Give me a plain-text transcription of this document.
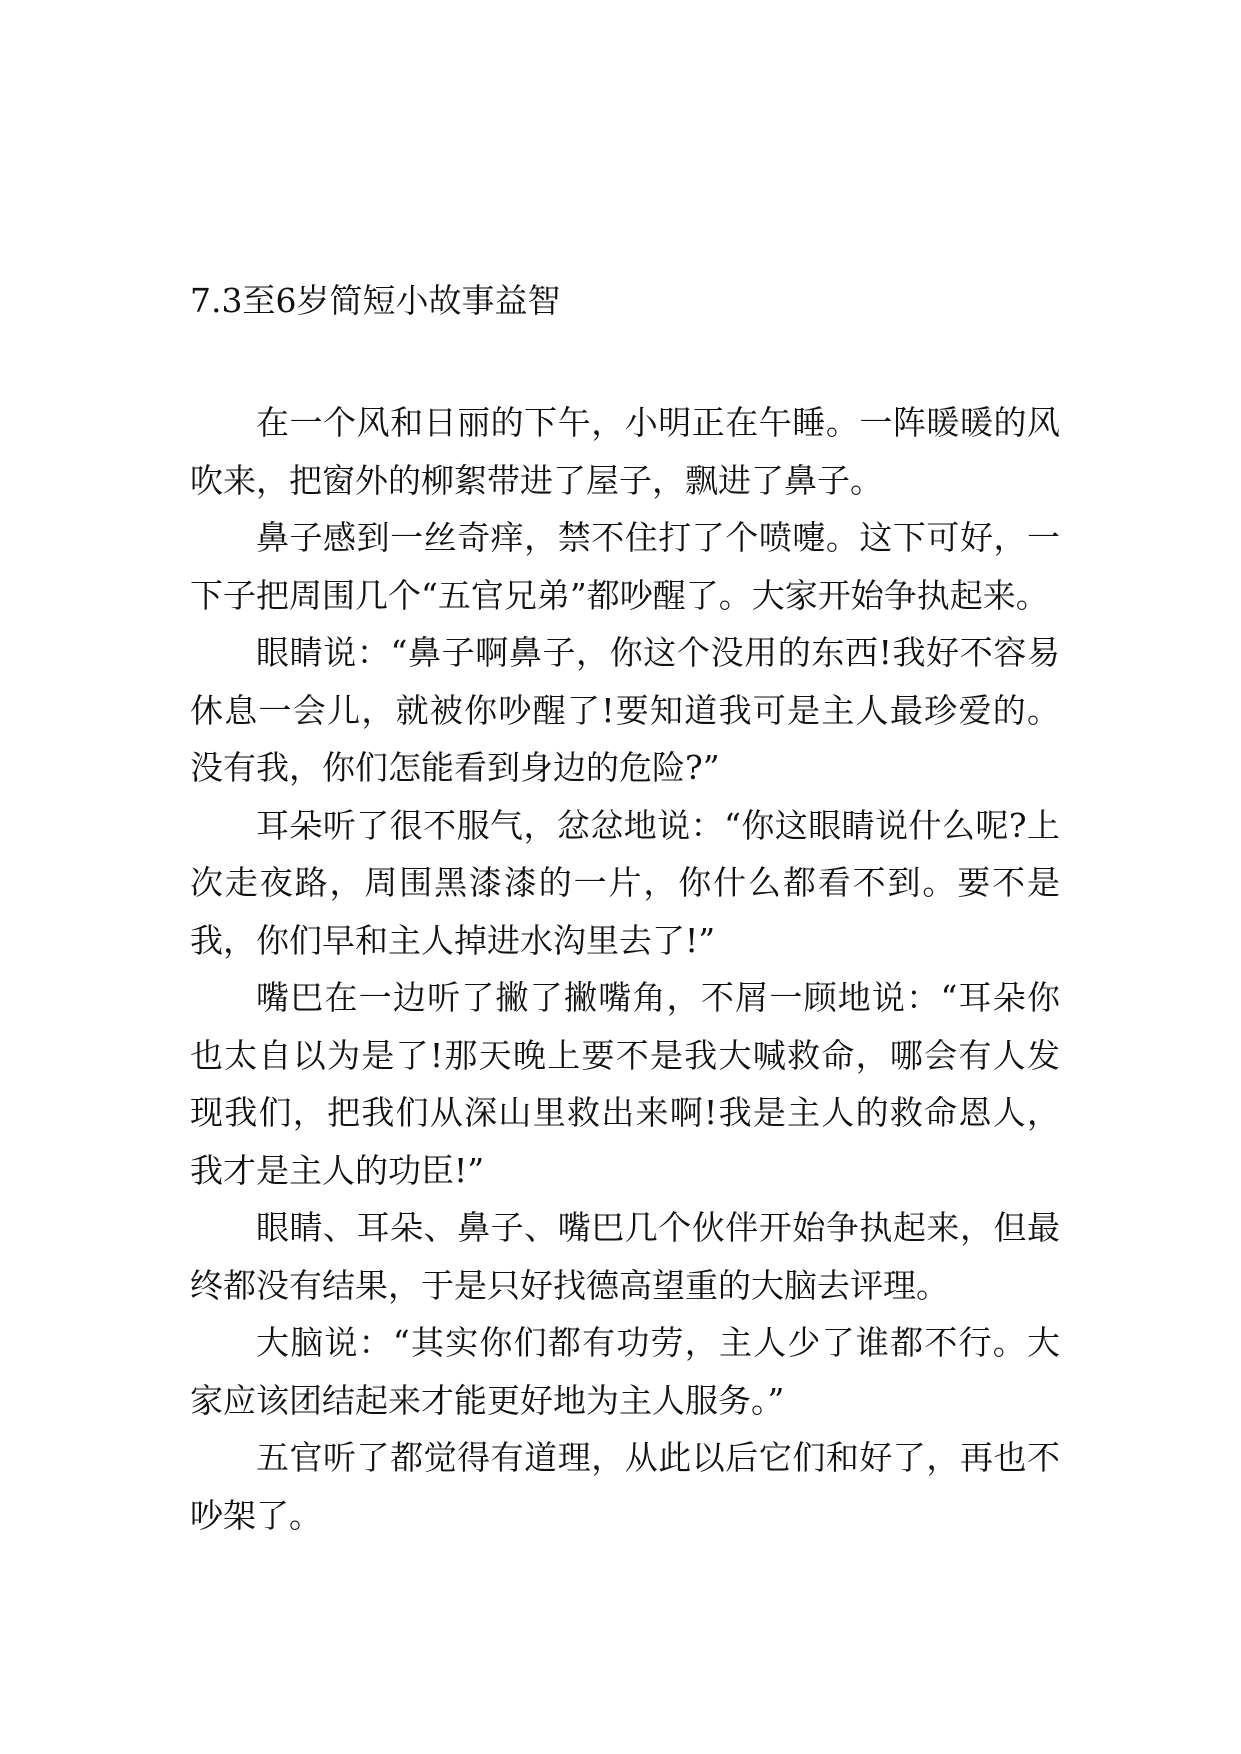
7.3至6岁简短小故事益智

在一个风和日丽的下午，小明正在午睡。一阵暖暖的风吹来，把窗外的柳絮带进了屋子，飘进了鼻子。

鼻子感到一丝奇痒，禁不住打了个喷嚏。这下可好，一下子把周围几个“五官兄弟”都吵醒了。大家开始争执起来。

眼睛说：“鼻子啊鼻子，你这个没用的东西!我好不容易休息一会儿，就被你吵醒了!要知道我可是主人最珍爱的。没有我，你们怎能看到身边的危险?”

耳朵听了很不服气，忿忿地说：“你这眼睛说什么呢?上次走夜路，周围黑漆漆的一片，你什么都看不到。要不是我，你们早和主人掉进水沟里去了!”

嘴巴在一边听了撇了撇嘴角，不屑一顾地说：“耳朵你也太自以为是了!那天晚上要不是我大喊救命，哪会有人发现我们，把我们从深山里救出来啊!我是主人的救命恩人，我才是主人的功臣!”

眼睛、耳朵、鼻子、嘴巴几个伙伴开始争执起来，但最终都没有结果，于是只好找德高望重的大脑去评理。

大脑说：“其实你们都有功劳，主人少了谁都不行。大家应该团结起来才能更好地为主人服务。”

五官听了都觉得有道理，从此以后它们和好了，再也不吵架了。
